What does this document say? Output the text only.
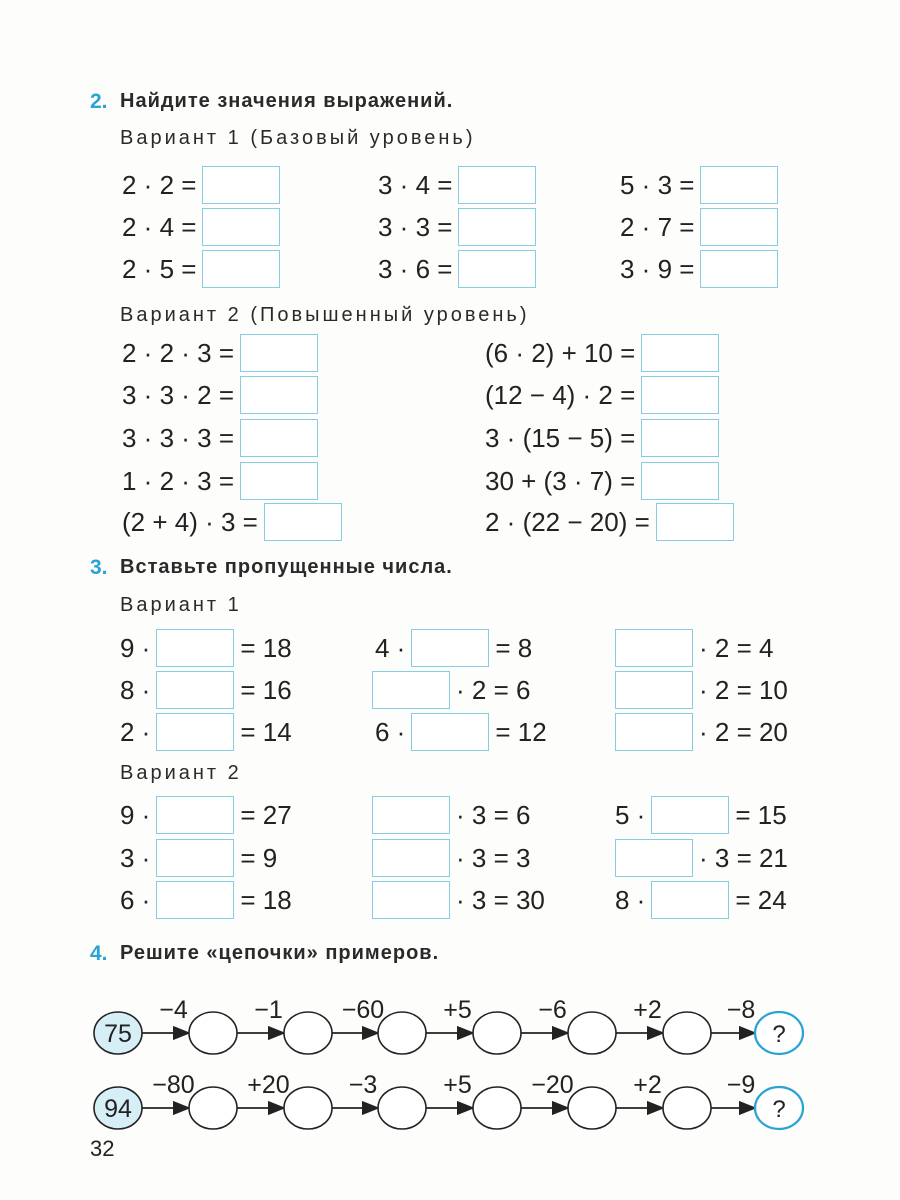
2. Найдите значения выражений.
Вариант 1 (Базовый уровень)
Вариант 2 (Повышенный уровень)
3. Вставьте пропущенные числа.
Вариант 1
Вариант 2
4. Решите «цепочки» примеров.
2 · 2 =	3 · 4 =	5 · 3 =
2 · 4 =	3 · 3 =	2 · 7 =
2 · 5 =	3 · 6 =	3 · 9 =
2 · 2 · 3 =	(6 · 2) + 10 =
3 · 3 · 2 =	(12 − 4) · 2 =
3 · 3 · 3 =	3 · (15 − 5) =
1 · 2 · 3 =	30 + (3 · 7) =
(2 + 4) · 3 =	2 · (22 − 20) =
9 ·	= 18	4 ·	= 8	· 2 = 4
8 ·	= 16	· 2 = 6	· 2 = 10
2 ·	= 14	6 ·	= 12	· 2 = 20
9 ·	= 27	· 3 = 6	5 ·	= 15
3 ·	= 9	· 3 = 3	· 3 = 21
6 ·	= 18	· 3 = 30	8 ·	= 24
75
−4	−1 −60 +5	−6	+2	−8
?
94
−80 +20 −3	+5 −20 +2	−9
?
32
